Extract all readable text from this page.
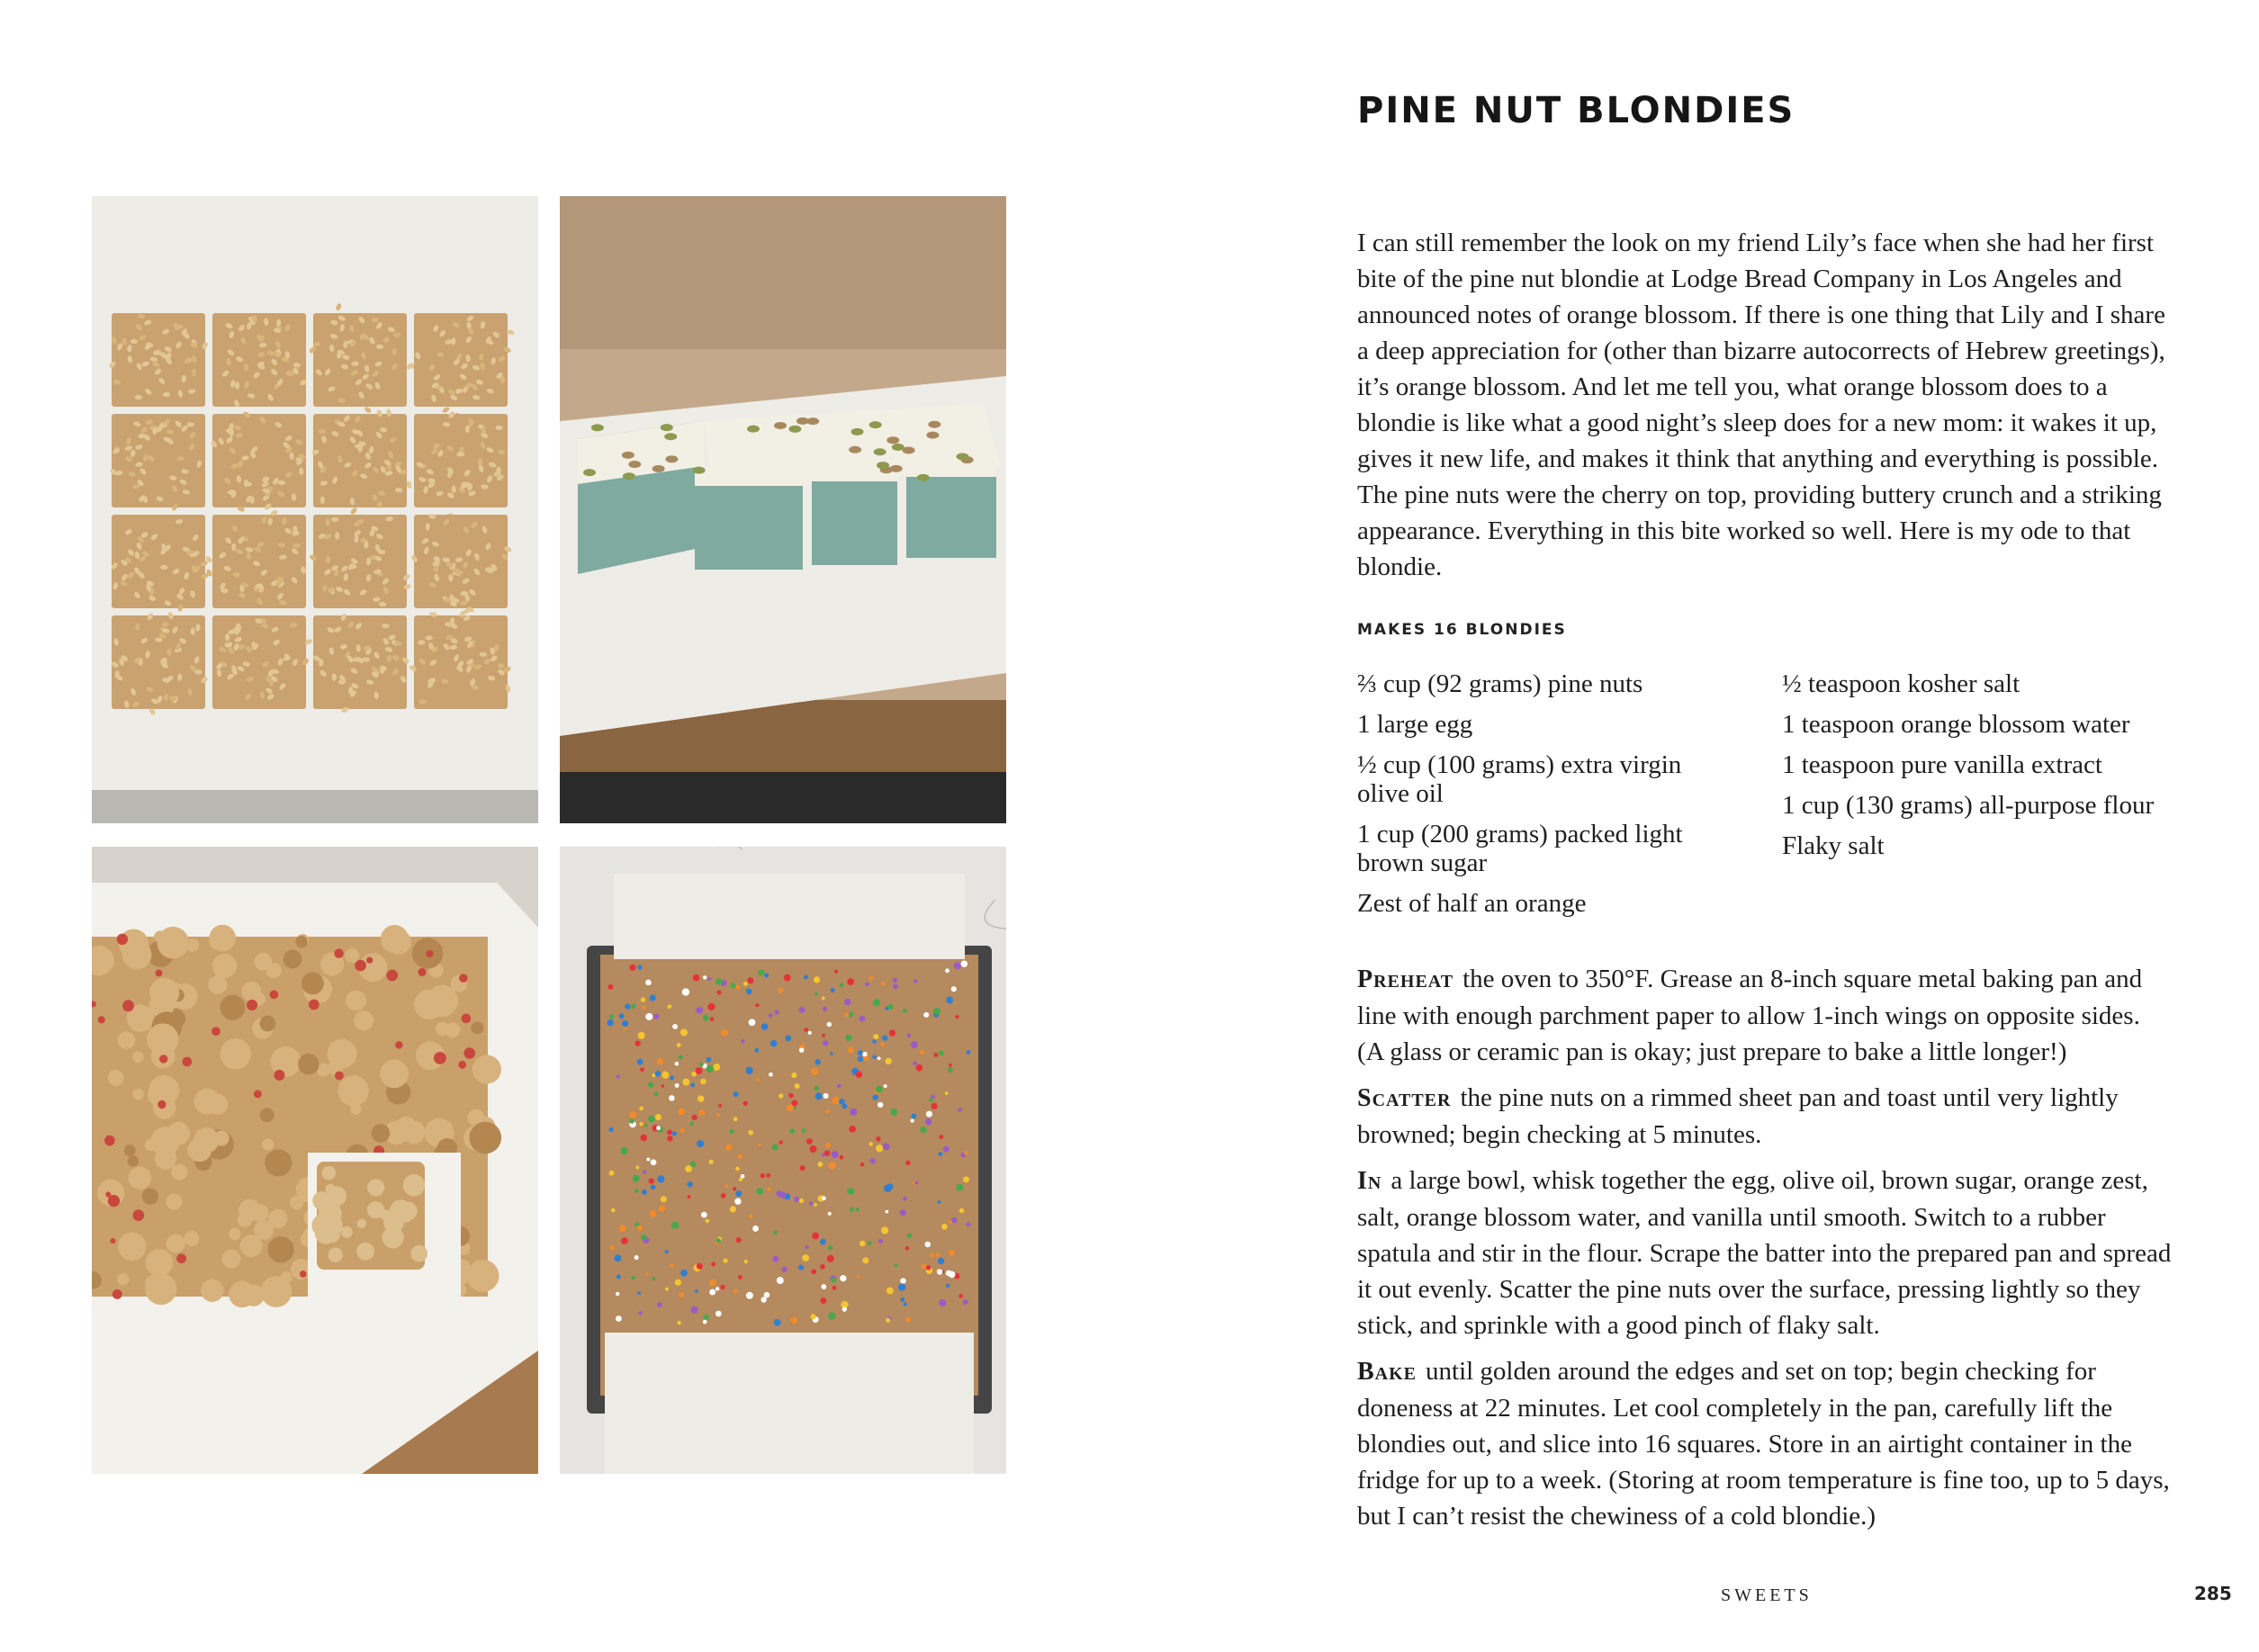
PINE NUT BLONDIES

I can still remember the look on my friend Lily’s face when she had her first bite of the pine nut blondie at Lodge Bread Company in Los Angeles and announced notes of orange blossom. If there is one thing that Lily and I share a deep appreciation for (other than bizarre autocorrects of Hebrew greetings), it’s orange blossom. And let me tell you, what orange blossom does to a blondie is like what a good night’s sleep does for a new mom: it wakes it up, gives it new life, and makes it think that anything and everything is possible. The pine nuts were the cherry on top, providing buttery crunch and a striking appearance. Everything in this bite worked so well. Here is my ode to that blondie.

MAKES 16 BLONDIES

⅔ cup (92 grams) pine nuts
1 large egg
½ cup (100 grams) extra virgin olive oil
1 cup (200 grams) packed light brown sugar
Zest of half an orange
½ teaspoon kosher salt
1 teaspoon orange blossom water
1 teaspoon pure vanilla extract
1 cup (130 grams) all-purpose flour
Flaky salt

Preheat the oven to 350°F. Grease an 8-inch square metal baking pan and line with enough parchment paper to allow 1-inch wings on opposite sides. (A glass or ceramic pan is okay; just prepare to bake a little longer!)

Scatter the pine nuts on a rimmed sheet pan and toast until very lightly browned; begin checking at 5 minutes.

In a large bowl, whisk together the egg, olive oil, brown sugar, orange zest, salt, orange blossom water, and vanilla until smooth. Switch to a rubber spatula and stir in the flour. Scrape the batter into the prepared pan and spread it out evenly. Scatter the pine nuts over the surface, pressing lightly so they stick, and sprinkle with a good pinch of flaky salt.

Bake until golden around the edges and set on top; begin checking for doneness at 22 minutes. Let cool completely in the pan, carefully lift the blondies out, and slice into 16 squares. Store in an airtight container in the fridge for up to a week. (Storing at room temperature is fine too, up to 5 days, but I can’t resist the chewiness of a cold blondie.)

SWEETS	285
